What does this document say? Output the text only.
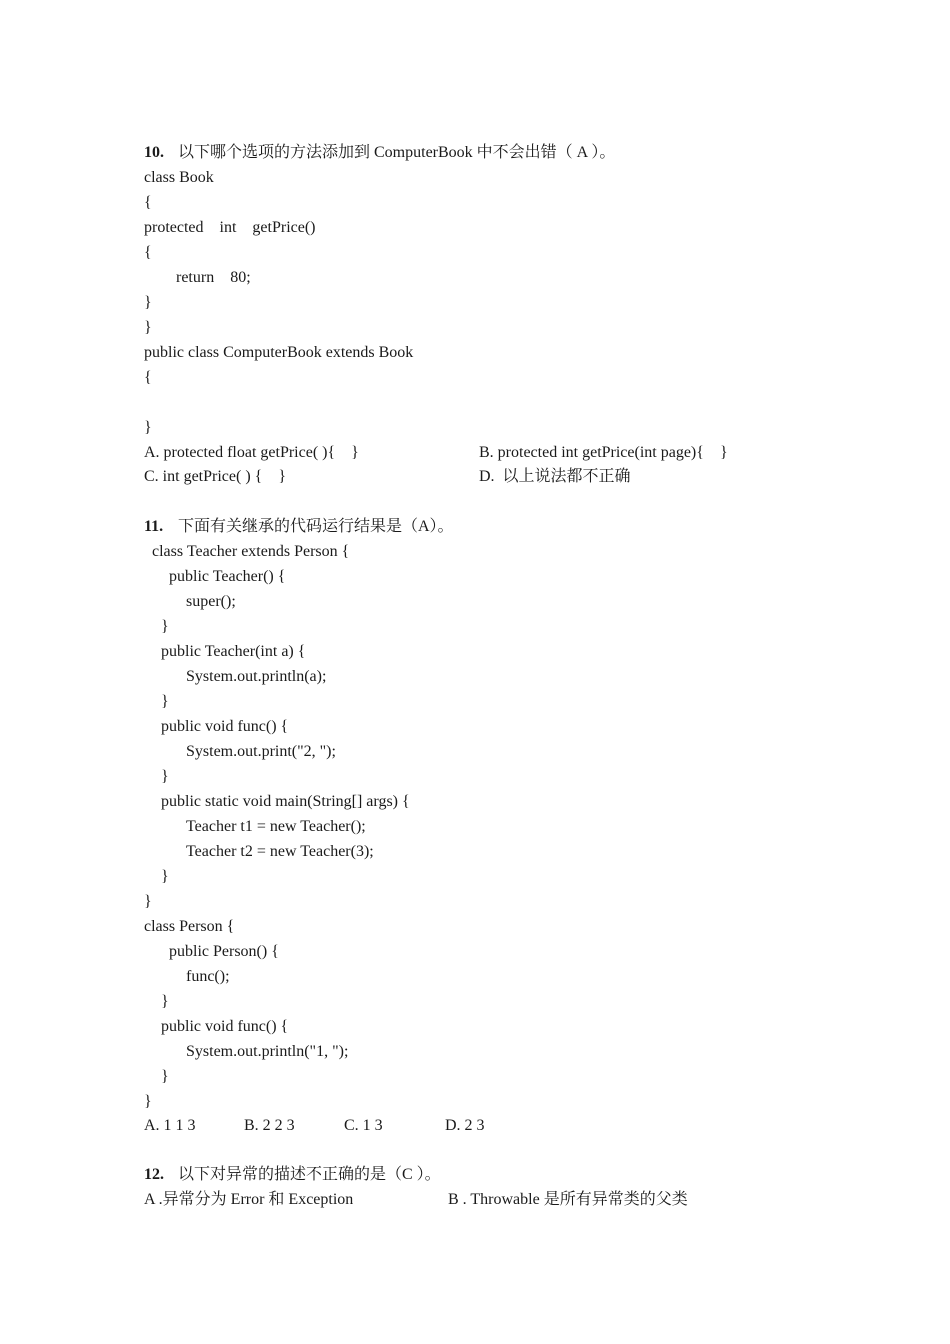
10. 以下哪个选项的方法添加到 ComputerBook 中不会出错（ A ）。
class Book
{
protected    int    getPrice()
{
return    80;
}
}
public class ComputerBook extends Book
{
}
A. protected float getPrice( ){    }	B. protected int getPrice(int page){    }
C. int getPrice( ) {    }	D.  以上说法都不正确
11. 下面有关继承的代码运行结果是（A）。
class Teacher extends Person {
public Teacher() {
super();
}
public Teacher(int a) {
System.out.println(a);
}
public void func() {
System.out.print("2, ");
}
public static void main(String[] args) {
Teacher t1 = new Teacher();
Teacher t2 = new Teacher(3);
}
}
class Person {
public Person() {
func();
}
public void func() {
System.out.println("1, ");
}
}
A. 1 1 3	B. 2 2 3	C. 1 3	D. 2 3
12. 以下对异常的描述不正确的是（C ）。
A .异常分为 Error 和 Exception	B . Throwable 是所有异常类的父类
